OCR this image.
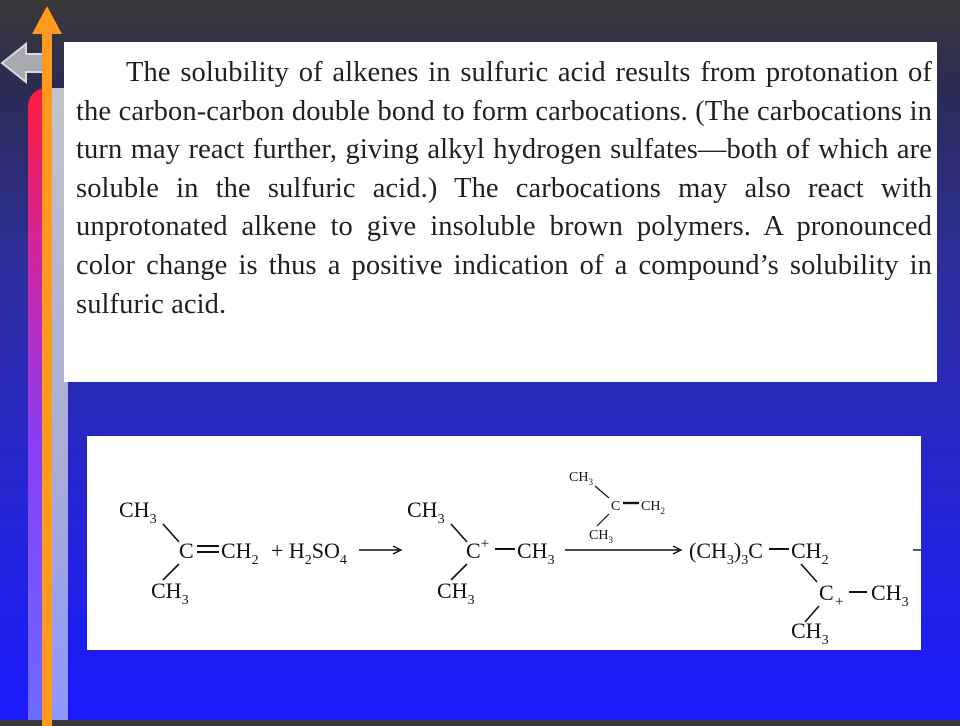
The solubility of alkenes in sulfuric acid results from protonation of the carbon-carbon double bond to form carbocations. (The carbocations in turn may react further, giving alkyl hydrogen sulfates—both of which are soluble in the sulfuric acid.) The carbocations may also react with unprotonated alkene to give insoluble brown polymers. A pronounced color change is thus a positive indication of a compound’s solubility in sulfuric acid.

$CH_3$
C $CH_2$
$CH_3$
+ $H_2SO_4$
$CH_3$
C+ $CH_3$
$CH_3$
$CH_3$
C $CH_2$
$CH_3$	$(CH_3)_3C$ $CH_2$
$C + CH_3$
$CH_3$
